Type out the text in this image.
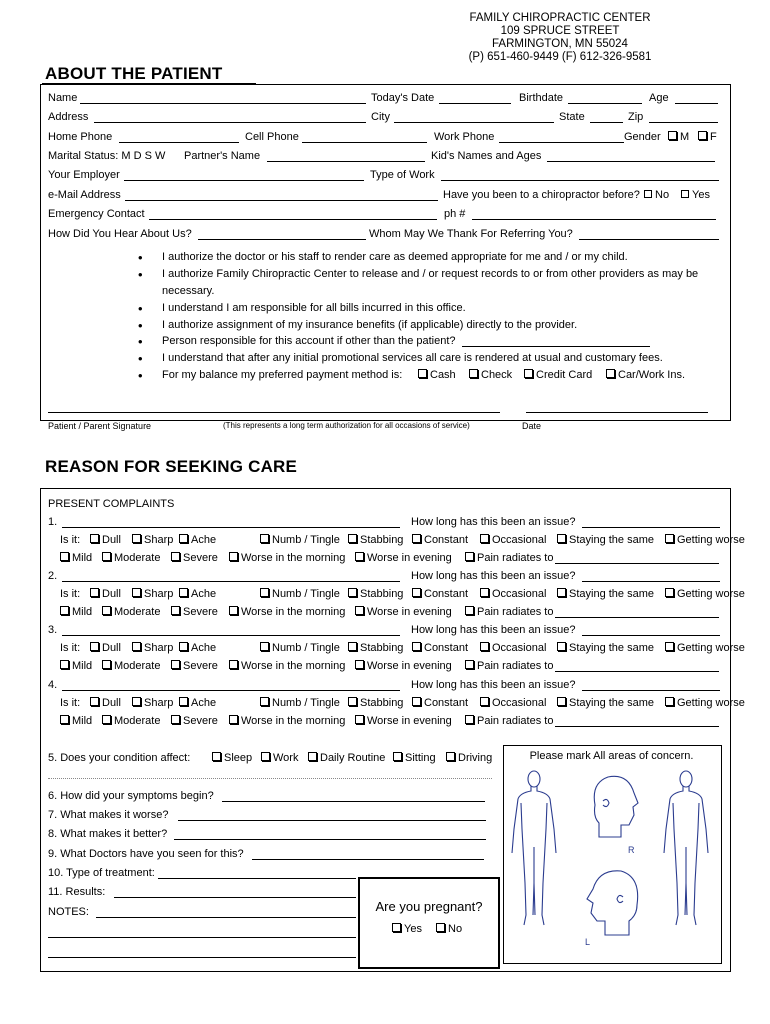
FAMILY CHIROPRACTIC CENTER
109 SPRUCE STREET
FARMINGTON, MN 55024
(P) 651-460-9449 (F) 612-326-9581
ABOUT THE PATIENT
Name	Today's Date	Birthdate	Age
Address	City	State	Zip
Home Phone	Cell Phone	Work Phone	Gender	M	F
Marital Status: M D S W Partner's Name	Kid's Names and Ages
Your Employer	Type of Work
e-Mail Address	Have you been to a chiropractor before?	No	Yes
Emergency Contact	ph #
How Did You Hear About Us?	Whom May We Thank For Referring You?
• I authorize the doctor or his staff to render care as deemed appropriate for me and / or my child.
• I authorize Family Chiropractic Center to release and / or request records to or from other providers as may be
necessary.
• I understand I am responsible for all bills incurred in this office.
• I authorize assignment of my insurance benefits (if applicable) directly to the provider.
• Person responsible for this account if other than the patient?
• I understand that after any initial promotional services all care is rendered at usual and customary fees.
• For my balance my preferred payment method is:	Cash	Check	Credit Card	Car/Work Ins.
Patient / Parent Signature	(This represents a long term authorization for all occasions of service)	Date
REASON FOR SEEKING CARE
PRESENT COMPLAINTS
1.	How long has this been an issue?
Is it:	Dull	Sharp	Ache	Numb / Tingle	Stabbing	Constant	Occasional	Staying the same	Getting worse
Mild	Moderate	Severe	Worse in the morning	Worse in evening	Pain radiates to
2.	How long has this been an issue?
Is it:	Dull	Sharp	Ache	Numb / Tingle	Stabbing	Constant	Occasional	Staying the same	Getting worse
Mild	Moderate	Severe	Worse in the morning	Worse in evening	Pain radiates to
3.	How long has this been an issue?
Is it:	Dull	Sharp	Ache	Numb / Tingle	Stabbing	Constant	Occasional	Staying the same	Getting worse
Mild	Moderate	Severe	Worse in the morning	Worse in evening	Pain radiates to
4.	How long has this been an issue?
Is it:	Dull	Sharp	Ache	Numb / Tingle	Stabbing	Constant	Occasional	Staying the same	Getting worse
Mild	Moderate	Severe	Worse in the morning	Worse in evening	Pain radiates to
5. Does your condition affect:	Sleep	Work	Daily Routine	Sitting	Driving
6. How did your symptoms begin?
7. What makes it worse?
8. What makes it better?
9. What Doctors have you seen for this?
10. Type of treatment:
11. Results:
NOTES:	Are you pregnant?
Yes	No
Please mark All areas of concern.
R
L
